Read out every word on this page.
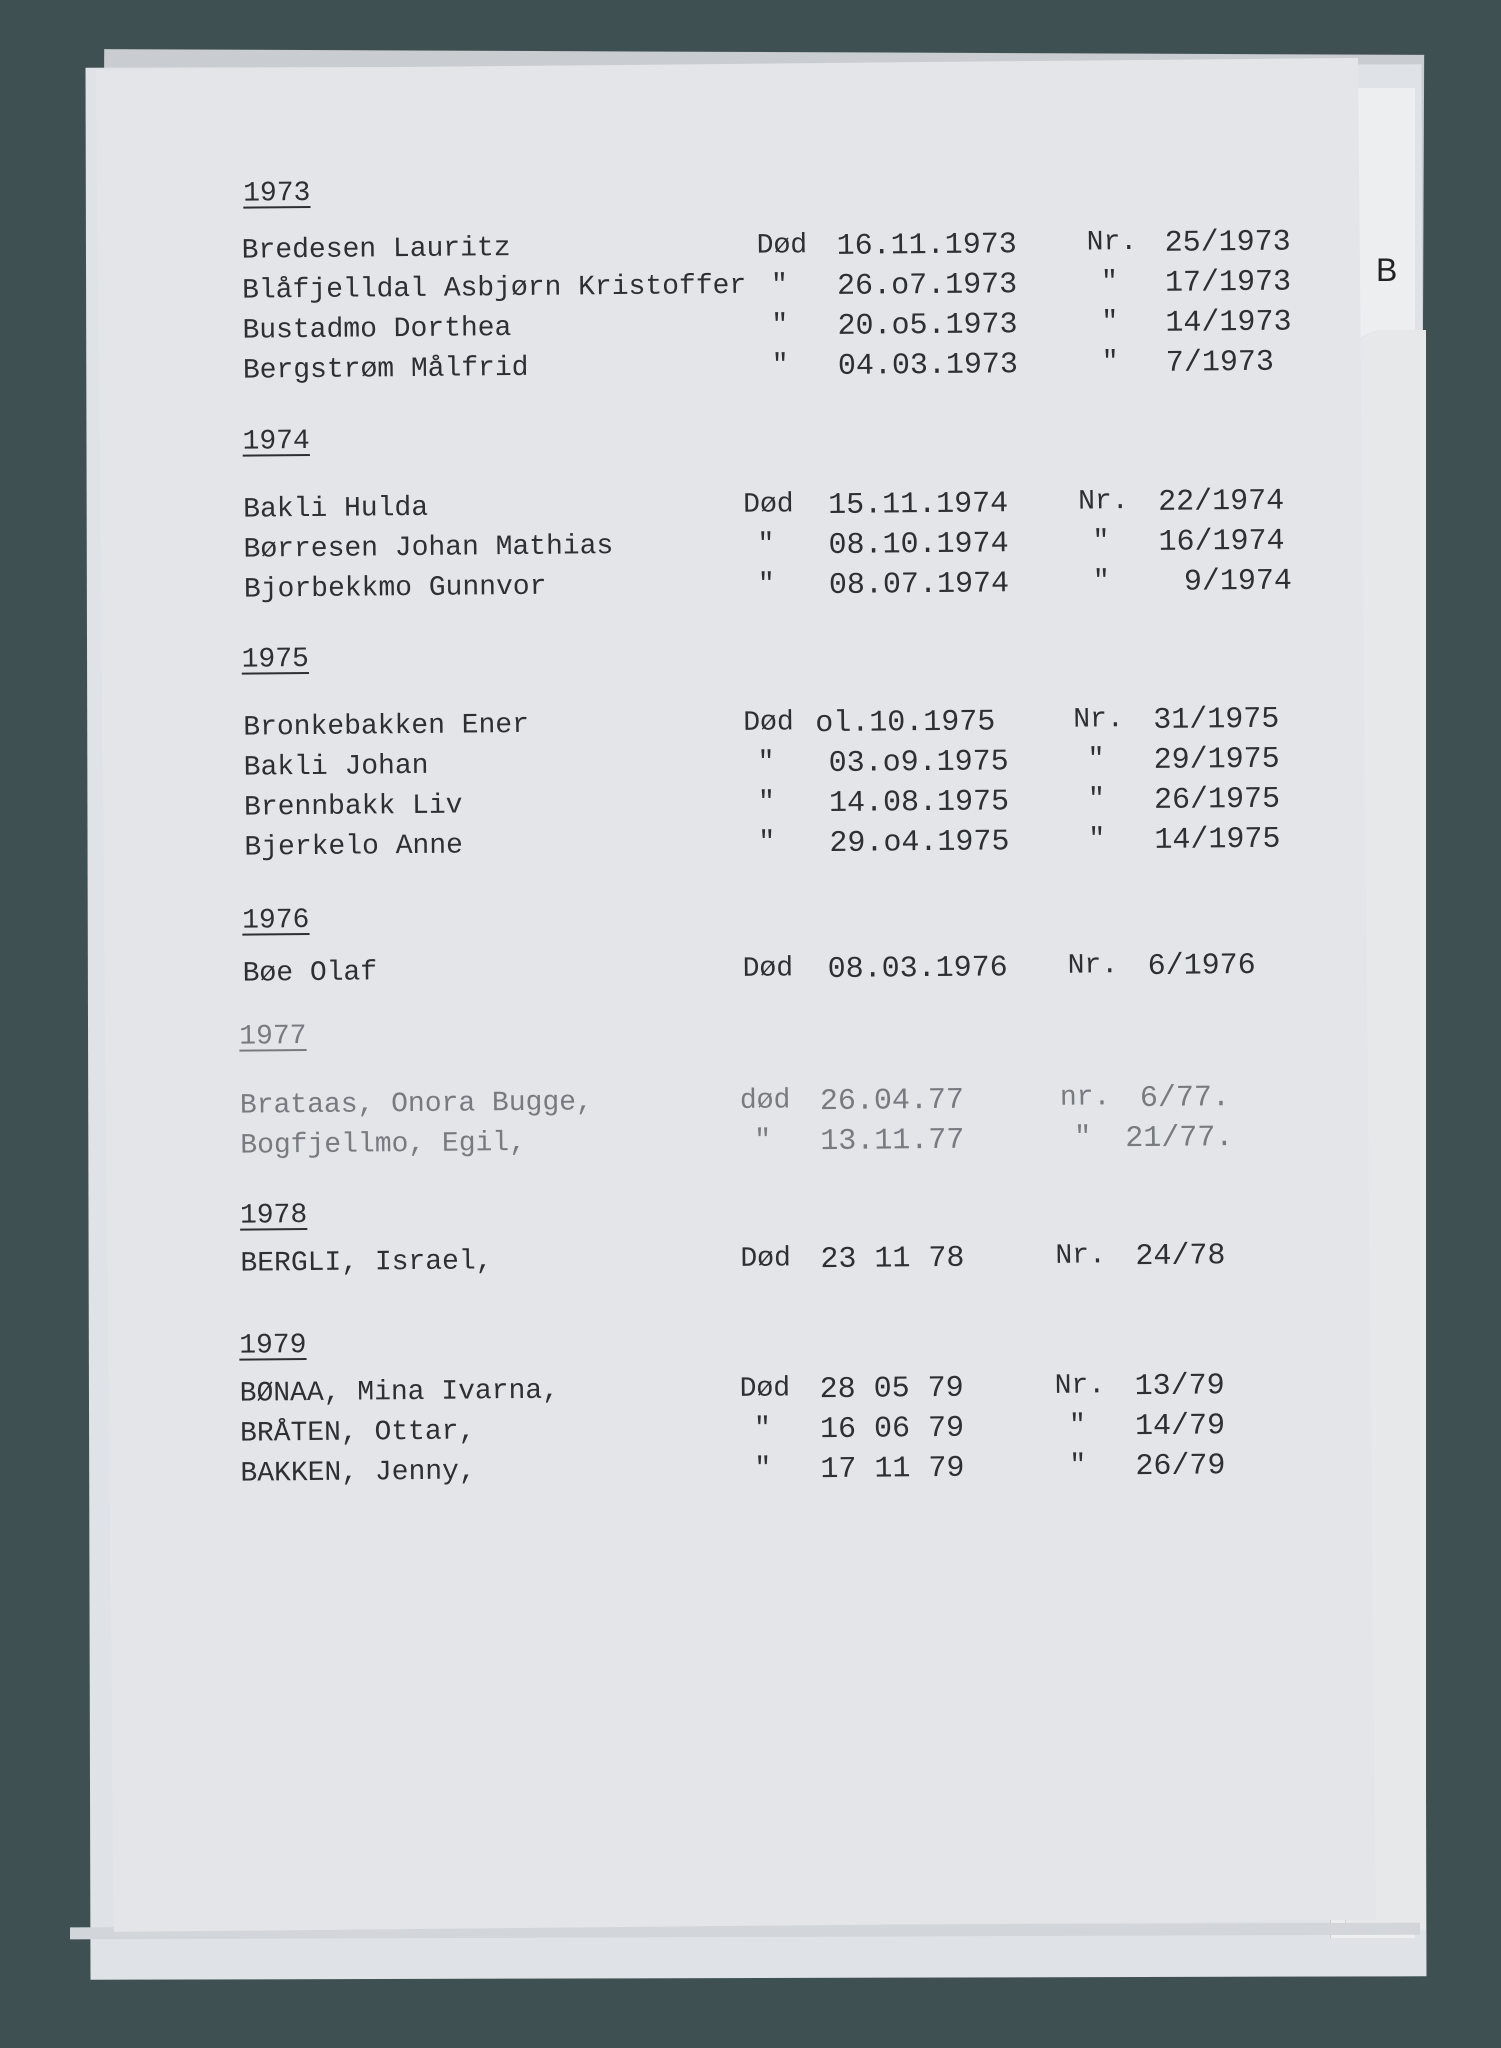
B
1973
Bredesen Lauritz	Død 16.11.1973 Nr. 25/1973
Blåfjelldal Asbjørn Kristoffer " 26.o7.1973	" 17/1973
Bustadmo Dorthea	" 20.o5.1973	" 14/1973
Bergstrøm Målfrid	" 04.03.1973	" 7/1973
1974
Bakli Hulda	Død 15.11.1974 Nr. 22/1974
Børresen Johan Mathias	" 08.10.1974	" 16/1974
Bjorbekkmo Gunnvor	" 08.07.1974	" 9/1974
1975
Bronkebakken Ener	Død ol.10.1975	Nr. 31/1975
Bakli Johan	" 03.o9.1975	" 29/1975
Brennbakk Liv	" 14.08.1975	" 26/1975
Bjerkelo Anne	" 29.o4.1975	" 14/1975
1976
Bøe Olaf	Død 08.03.1976 Nr. 6/1976
1977
Brataas, Onora Bugge,	død 26.04.77	nr. 6/77.
Bogfjellmo, Egil,	" 13.11.77	" 21/77.
1978
BERGLI, Israel,	Død 23 11 78	Nr. 24/78
1979
BØNAA, Mina Ivarna,	Død 28 05 79	Nr. 13/79
BRÅTEN, Ottar,	" 16 06 79	" 14/79
BAKKEN, Jenny,	" 17 11 79	" 26/79
